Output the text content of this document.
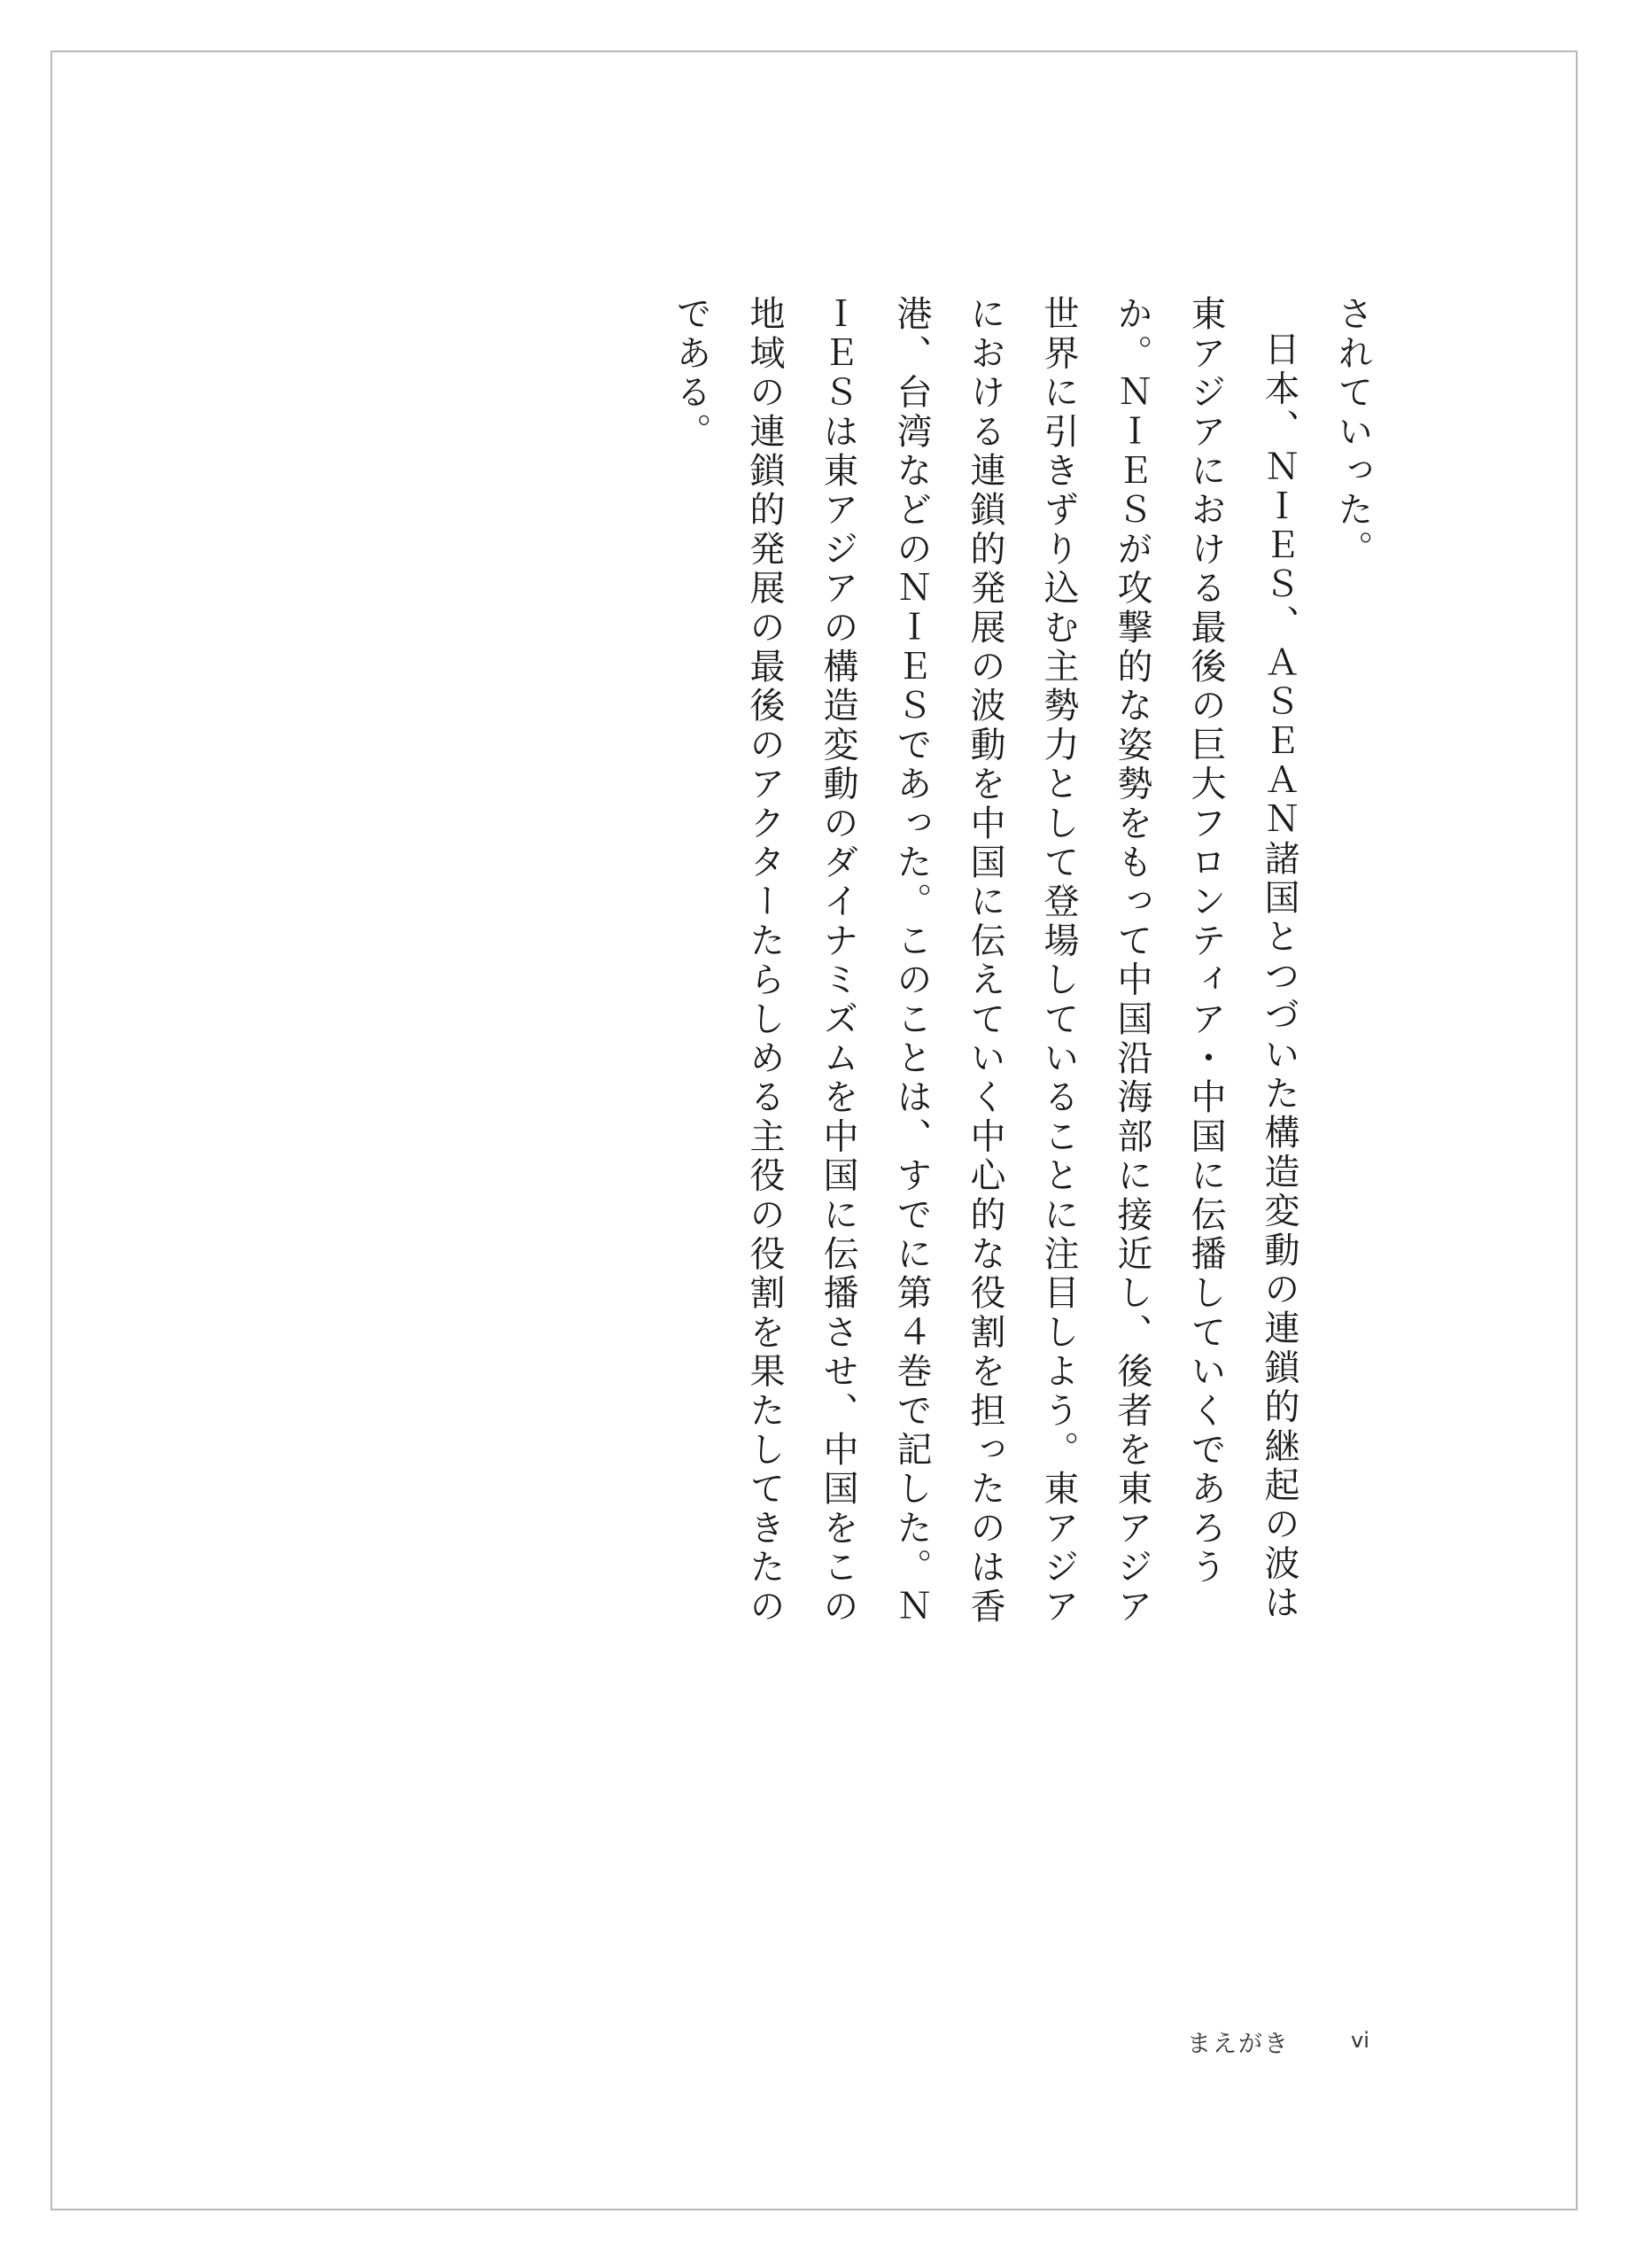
されていった。

日本、ＮＩＥＳ、ＡＳＥＡＮ諸国とつづいた構造変動の連鎖的継起の波は東アジアにおける最後の巨大フロンティア・中国に伝播していくであろうか。ＮＩＥＳが攻撃的な姿勢をもって中国沿海部に接近し、後者を東アジア世界に引きずり込む主勢力として登場していることに注目しよう。東アジアにおける連鎖的発展の波動を中国に伝えていく中心的な役割を担ったのは香港、台湾などのＮＩＥＳであった。このことは、すでに第４巻で記した。ＮＩＥＳは東アジアの構造変動のダイナミズムを中国に伝播させ、中国をこの地域の連鎖的発展の最後のアクターたらしめる主役の役割を果たしてきたのである。

まえがき	vi
